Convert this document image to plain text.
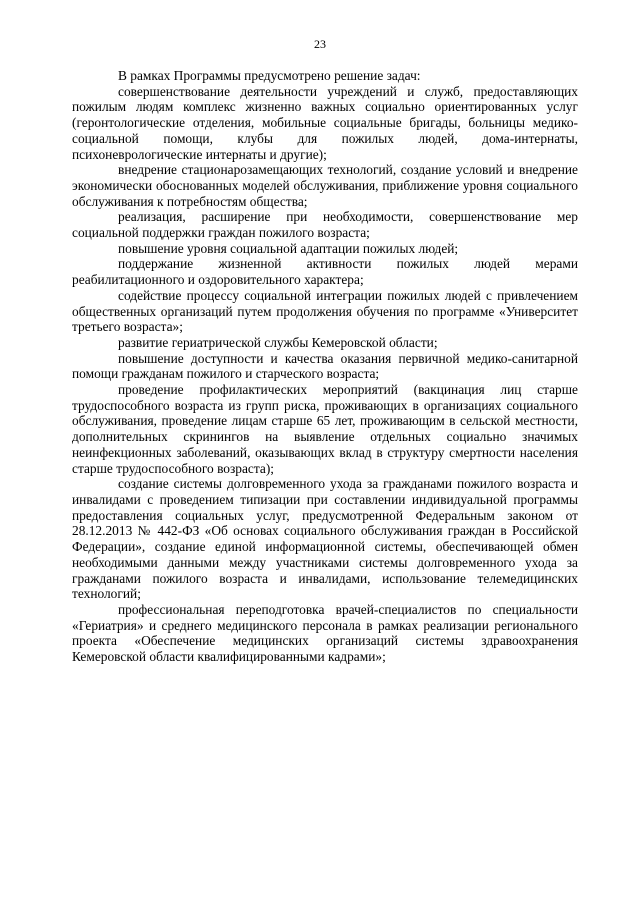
23

В рамках Программы предусмотрено решение задач:

совершенствование деятельности учреждений и служб, предоставляющих пожилым людям комплекс жизненно важных социально ориентированных услуг (геронтологические отделения, мобильные социальные бригады, больницы медико-социальной помощи, клубы для пожилых людей, дома-интернаты, психоневрологические интернаты и другие);

внедрение стационарозамещающих технологий, создание условий и внедрение экономически обоснованных моделей обслуживания, приближение уровня социального обслуживания к потребностям общества;

реализация, расширение при необходимости, совершенствование мер социальной поддержки граждан пожилого возраста;

повышение уровня социальной адаптации пожилых людей;

поддержание жизненной активности пожилых людей мерами реабилитационного и оздоровительного характера;

содействие процессу социальной интеграции пожилых людей с привлечением общественных организаций путем продолжения обучения по программе «Университет третьего возраста»;

развитие гериатрической службы Кемеровской области;

повышение доступности и качества оказания первичной медико-санитарной помощи гражданам пожилого и старческого возраста;

проведение профилактических мероприятий (вакцинация лиц старше трудоспособного возраста из групп риска, проживающих в организациях социального обслуживания, проведение лицам старше 65 лет, проживающим в сельской местности, дополнительных скринингов на выявление отдельных социально значимых неинфекционных заболеваний, оказывающих вклад в структуру смертности населения старше трудоспособного возраста);

создание системы долговременного ухода за гражданами пожилого возраста и инвалидами с проведением типизации при составлении индивидуальной программы предоставления социальных услуг, предусмотренной Федеральным законом от 28.12.2013 № 442-ФЗ «Об основах социального обслуживания граждан в Российской Федерации», создание единой информационной системы, обеспечивающей обмен необходимыми данными между участниками системы долговременного ухода за гражданами пожилого возраста и инвалидами, использование телемедицинских технологий;

профессиональная переподготовка врачей-специалистов по специальности «Гериатрия» и среднего медицинского персонала в рамках реализации регионального проекта «Обеспечение медицинских организаций системы здравоохранения Кемеровской области квалифицированными кадрами»;
